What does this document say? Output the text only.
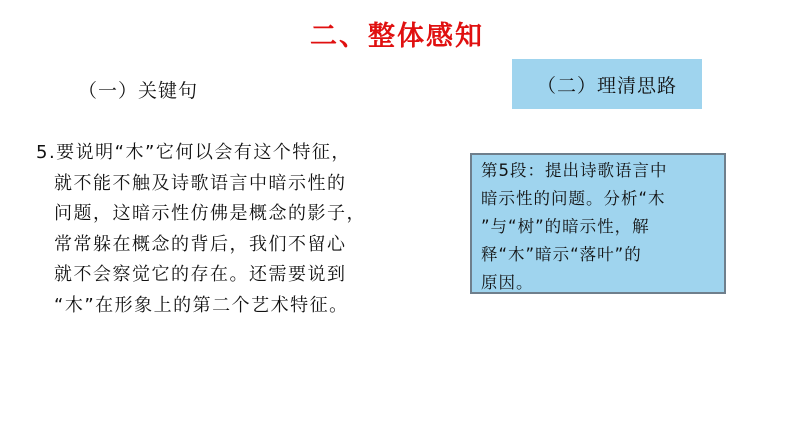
二、整体感知
（一）关键句	（二）理清思路
5.要说明“木”它何以会有这个特征，
就不能不触及诗歌语言中暗示性的
问题，这暗示性仿佛是概念的影子，
常常躲在概念的背后，我们不留心
就不会察觉它的存在。还需要说到
“木”在形象上的第二个艺术特征。
第5段：提出诗歌语言中
暗示性的问题。分析“木
”与“树”的暗示性，解
释“木”暗示“落叶”的
原因。
